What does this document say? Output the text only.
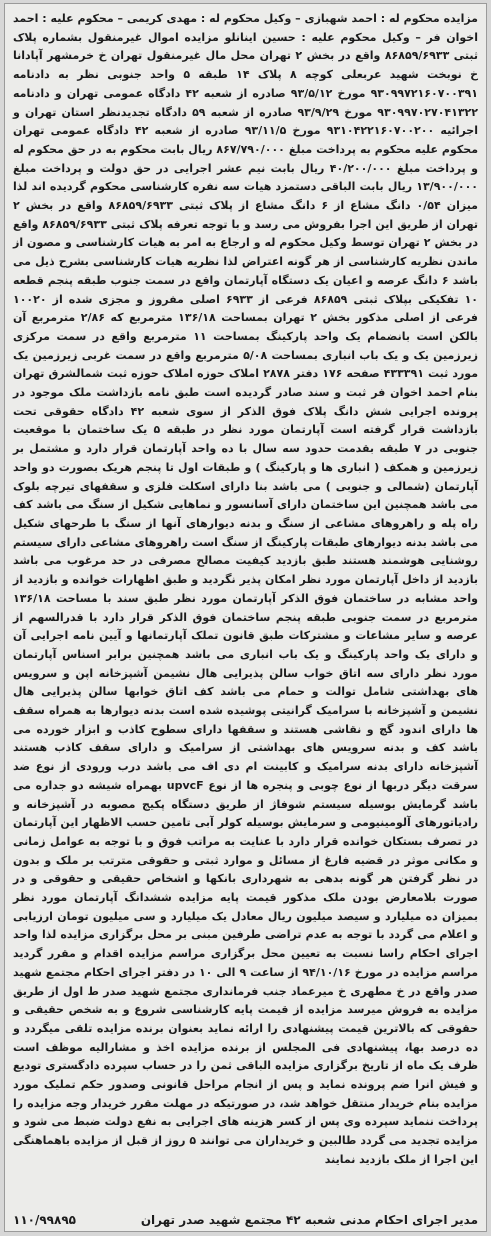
مزایده محکوم له : احمد شهبازی – وکیل محکوم له : مهدی کریمی – محکوم علیه : احمد اخوان فر – وکیل محکوم علیه : حسین اینانلو مزایده اموال غیرمنقول بشماره پلاک ثبتی ۸۶۸۵۹/۶۹۳۳ واقع در بخش ۲ تهران محل مال غیرمنقول تهران خ خرمشهر آپادانا خ نوبخت شهید عربعلی کوچه ۸ پلاک ۱۴ طبقه ۵ واحد جنوبی نظر به دادنامه ۹۳۰۹۹۷۲۱۶۰۷۰۰۳۹۱ مورخ ۹۳/۵/۱۲ صادره از شعبه ۴۲ دادگاه عمومی تهران و دادنامه ۹۳۰۹۹۷۰۲۷۰۴۱۳۲۲ مورخ ۹۳/۹/۲۹ صادره از شعبه ۵۹ دادگاه تجدیدنظر استان تهران و اجرائیه ۹۳۱۰۴۲۲۱۶۰۷۰۰۲۰۰ مورخ ۹۳/۱۱/۵ صادره از شعبه ۴۲ دادگاه عمومی تهران محکوم علیه محکوم به پرداخت مبلغ ۸۶۷/۷۹۰/۰۰۰ ریال بابت محکوم به در حق محکوم له و پرداخت مبلغ ۴۰/۲۰۰/۰۰۰ ریال بابت نیم عشر اجرایی در حق دولت و پرداخت مبلغ ۱۳/۹۰۰/۰۰۰ ریال بابت الباقی دستمزد هیات سه نفره کارشناسی محکوم گردیده اند لذا میزان ۰/۵۴ دانگ مشاع از ۶ دانگ مشاع از پلاک ثبتی ۸۶۸۵۹/۶۹۳۳ واقع در بخش ۲ تهران از طریق این اجرا بفروش می رسد و با توجه تعرفه پلاک ثبتی ۸۶۸۵۹/۶۹۳۳ واقع در بخش ۲ تهران توسط وکیل محکوم له و ارجاع به امر به هیات کارشناسی و مصون از ماندن نظریه کارشناسی از هر گونه اعتراض لذا نظریه هیات کارشناسی بشرح ذیل می باشد ۶ دانگ عرصه و اعیان یک دستگاه آپارتمان واقع در سمت جنوب طبقه پنجم قطعه ۱۰ تفکیکی بپلاک ثبتی ۸۶۸۵۹ فرعی از ۶۹۳۳ اصلی مفروز و مجزی شده از ۱۰۰۲۰ فرعی از اصلی مذکور بخش ۲ تهران بمساحت ۱۳۶/۱۸ مترمربع که ۲/۸۶ مترمربع آن بالکن است بانضمام یک واحد پارکینگ بمساحت ۱۱ مترمربع واقع در سمت مرکزی زیرزمین یک و یک باب انباری بمساحت ۵/۰۸ مترمربع واقع در سمت غربی زیرزمین یک مورد ثبت ۴۳۳۳۹۱ صفحه ۱۷۶ دفتر ۲۸۷۸ املاک حوزه املاک حوزه ثبت شمالشرق تهران بنام احمد اخوان فر ثبت و سند صادر گردیده است طبق نامه بازداشت ملک موجود در پرونده اجرایی شش دانگ پلاک فوق الذکر از سوی شعبه ۴۲ دادگاه حقوقی تحت بازداشت قرار گرفته است آپارتمان مورد نظر در طبقه ۵ یک ساختمان با موقعیت جنوبی در ۷ طبقه بقدمت حدود سه سال با ده واحد آپارتمان قرار دارد و مشتمل بر زیرزمین و همکف ( انباری ها و پارکینگ ) و طبقات اول تا پنجم هریک بصورت دو واحد آپارتمان (شمالی و جنوبی ) می باشد بنا دارای اسکلت فلزی و سقفهای تیرچه بلوک می باشد همچنین این ساختمان دارای آسانسور و نماهایی شکیل از سنگ می باشد کف راه پله و راهروهای مشاعی از سنگ و بدنه دیوارهای آنها از سنگ با طرحهای شکیل می باشد بدنه دیوارهای طبقات پارکینگ از سنگ است راهروهای مشاعی دارای سیستم روشنایی هوشمند هستند طبق بازدید کیفیت مصالح مصرفی در حد مرغوب می باشد بازدید از داخل آپارتمان مورد نظر امکان پذیر نگردید و طبق اظهارات خوانده و بازدید از واحد مشابه در ساختمان فوق الذکر آپارتمان مورد نظر طبق سند با مساحت ۱۳۶/۱۸ مترمربع در سمت جنوبی طبقه پنجم ساختمان فوق الذکر قرار دارد با قدرالسهم از عرصه و سایر مشاعات و مشترکات طبق قانون تملک آپارتمانها و آیین نامه اجرایی آن و دارای یک واحد پارکینگ و یک باب انباری می باشد همچنین برابر اسناس آپارتمان مورد نظر دارای سه اتاق خواب سالن پذیرایی هال نشیمن آشپزخانه اپن و سرویس های بهداشتی شامل توالت و حمام می باشد کف اتاق خوابها سالن پذیرایی هال نشیمن و آشپزخانه با سرامیک گرانیتی پوشیده شده است بدنه دیوارها به همراه سقف ها دارای اندود گچ و نقاشی هستند و سقفها دارای سطوح کاذب و ابزار خورده می باشد کف و بدنه سرویس های بهداشتی از سرامیک و دارای سقف کاذب هستند آشپزخانه دارای بدنه سرامیک و کابینت ام دی اف می باشد درب ورودی از نوع ضد سرقت دیگر دربها از نوع چوبی و پنجره ها از نوع upvcF بهمراه شیشه دو جداره می باشد گرمایش بوسیله سیستم شوفاژ از طریق دستگاه پکیج مصوبه در آشپزخانه و رادیاتورهای آلومینیومی و سرمایش بوسیله کولر آبی تامین حسب الاظهار این آپارتمان در تصرف بستکان خوانده قرار دارد با عنایت به مراتب فوق و با توجه به عوامل زمانی و مکانی موثر در قضیه فارغ از مسائل و موارد ثبتی و حقوقی مترتب بر ملک و بدون در نظر گرفتن هر گونه بدهی به شهرداری بانکها و اشخاص حقیقی و حقوقی و در صورت بلامعارض بودن ملک مذکور قیمت پایه مزایده ششدانگ آپارتمان مورد نظر بمیزان ده میلیارد و سیصد میلیون ریال معادل یک میلیارد و سی میلیون تومان ارزیابی و اعلام می گردد با توجه به عدم تراضی طرفین مبنی بر محل برگزاری مزایده لذا واحد اجرای احکام راسا نسبت به تعیین محل برگزاری مراسم مزایده اقدام و مقرر گردید مراسم مزایده در مورخ ۹۴/۱۰/۱۶ از ساعت ۹ الی ۱۰ در دفتر اجرای احکام مجتمع شهید صدر واقع در خ مطهری خ میرعماد جنب فرمانداری مجتمع شهید صدر ط اول از طریق مزایده به فروش میرسد مزایده از قیمت پایه کارشناسی شروع و به شخص حقیقی و حقوقی که بالاترین قیمت پیشنهادی را ارائه نماید بعنوان برنده مزایده تلقی میگردد و ده درصد بها، پیشنهادی فی المجلس از برنده مزایده اخذ و مشارالیه موظف است ظرف یک ماه از تاریخ برگزاری مزایده الباقی ثمن را در حساب سپرده دادگستری تودیع و فیش انرا ضم پرونده نماید و پس از انجام مراحل قانونی وصدور حکم تملیک مورد مزایده بنام خریدار منتقل خواهد شد، در صورتیکه در مهلت مقرر خریدار وجه مزایده را پرداخت ننماید سپرده وی پس از کسر هزینه های اجرایی به نفع دولت ضبط می شود و مزایده تجدید می گردد طالبین و خریداران می توانند ۵ روز از قبل از مزایده باهماهنگی این اجرا از ملک بازدید نمایند

مدیر اجرای احکام مدنی شعبه ۴۲ مجتمع شهید صدر تهران
۱۱۰/۹۹۸۹۵
